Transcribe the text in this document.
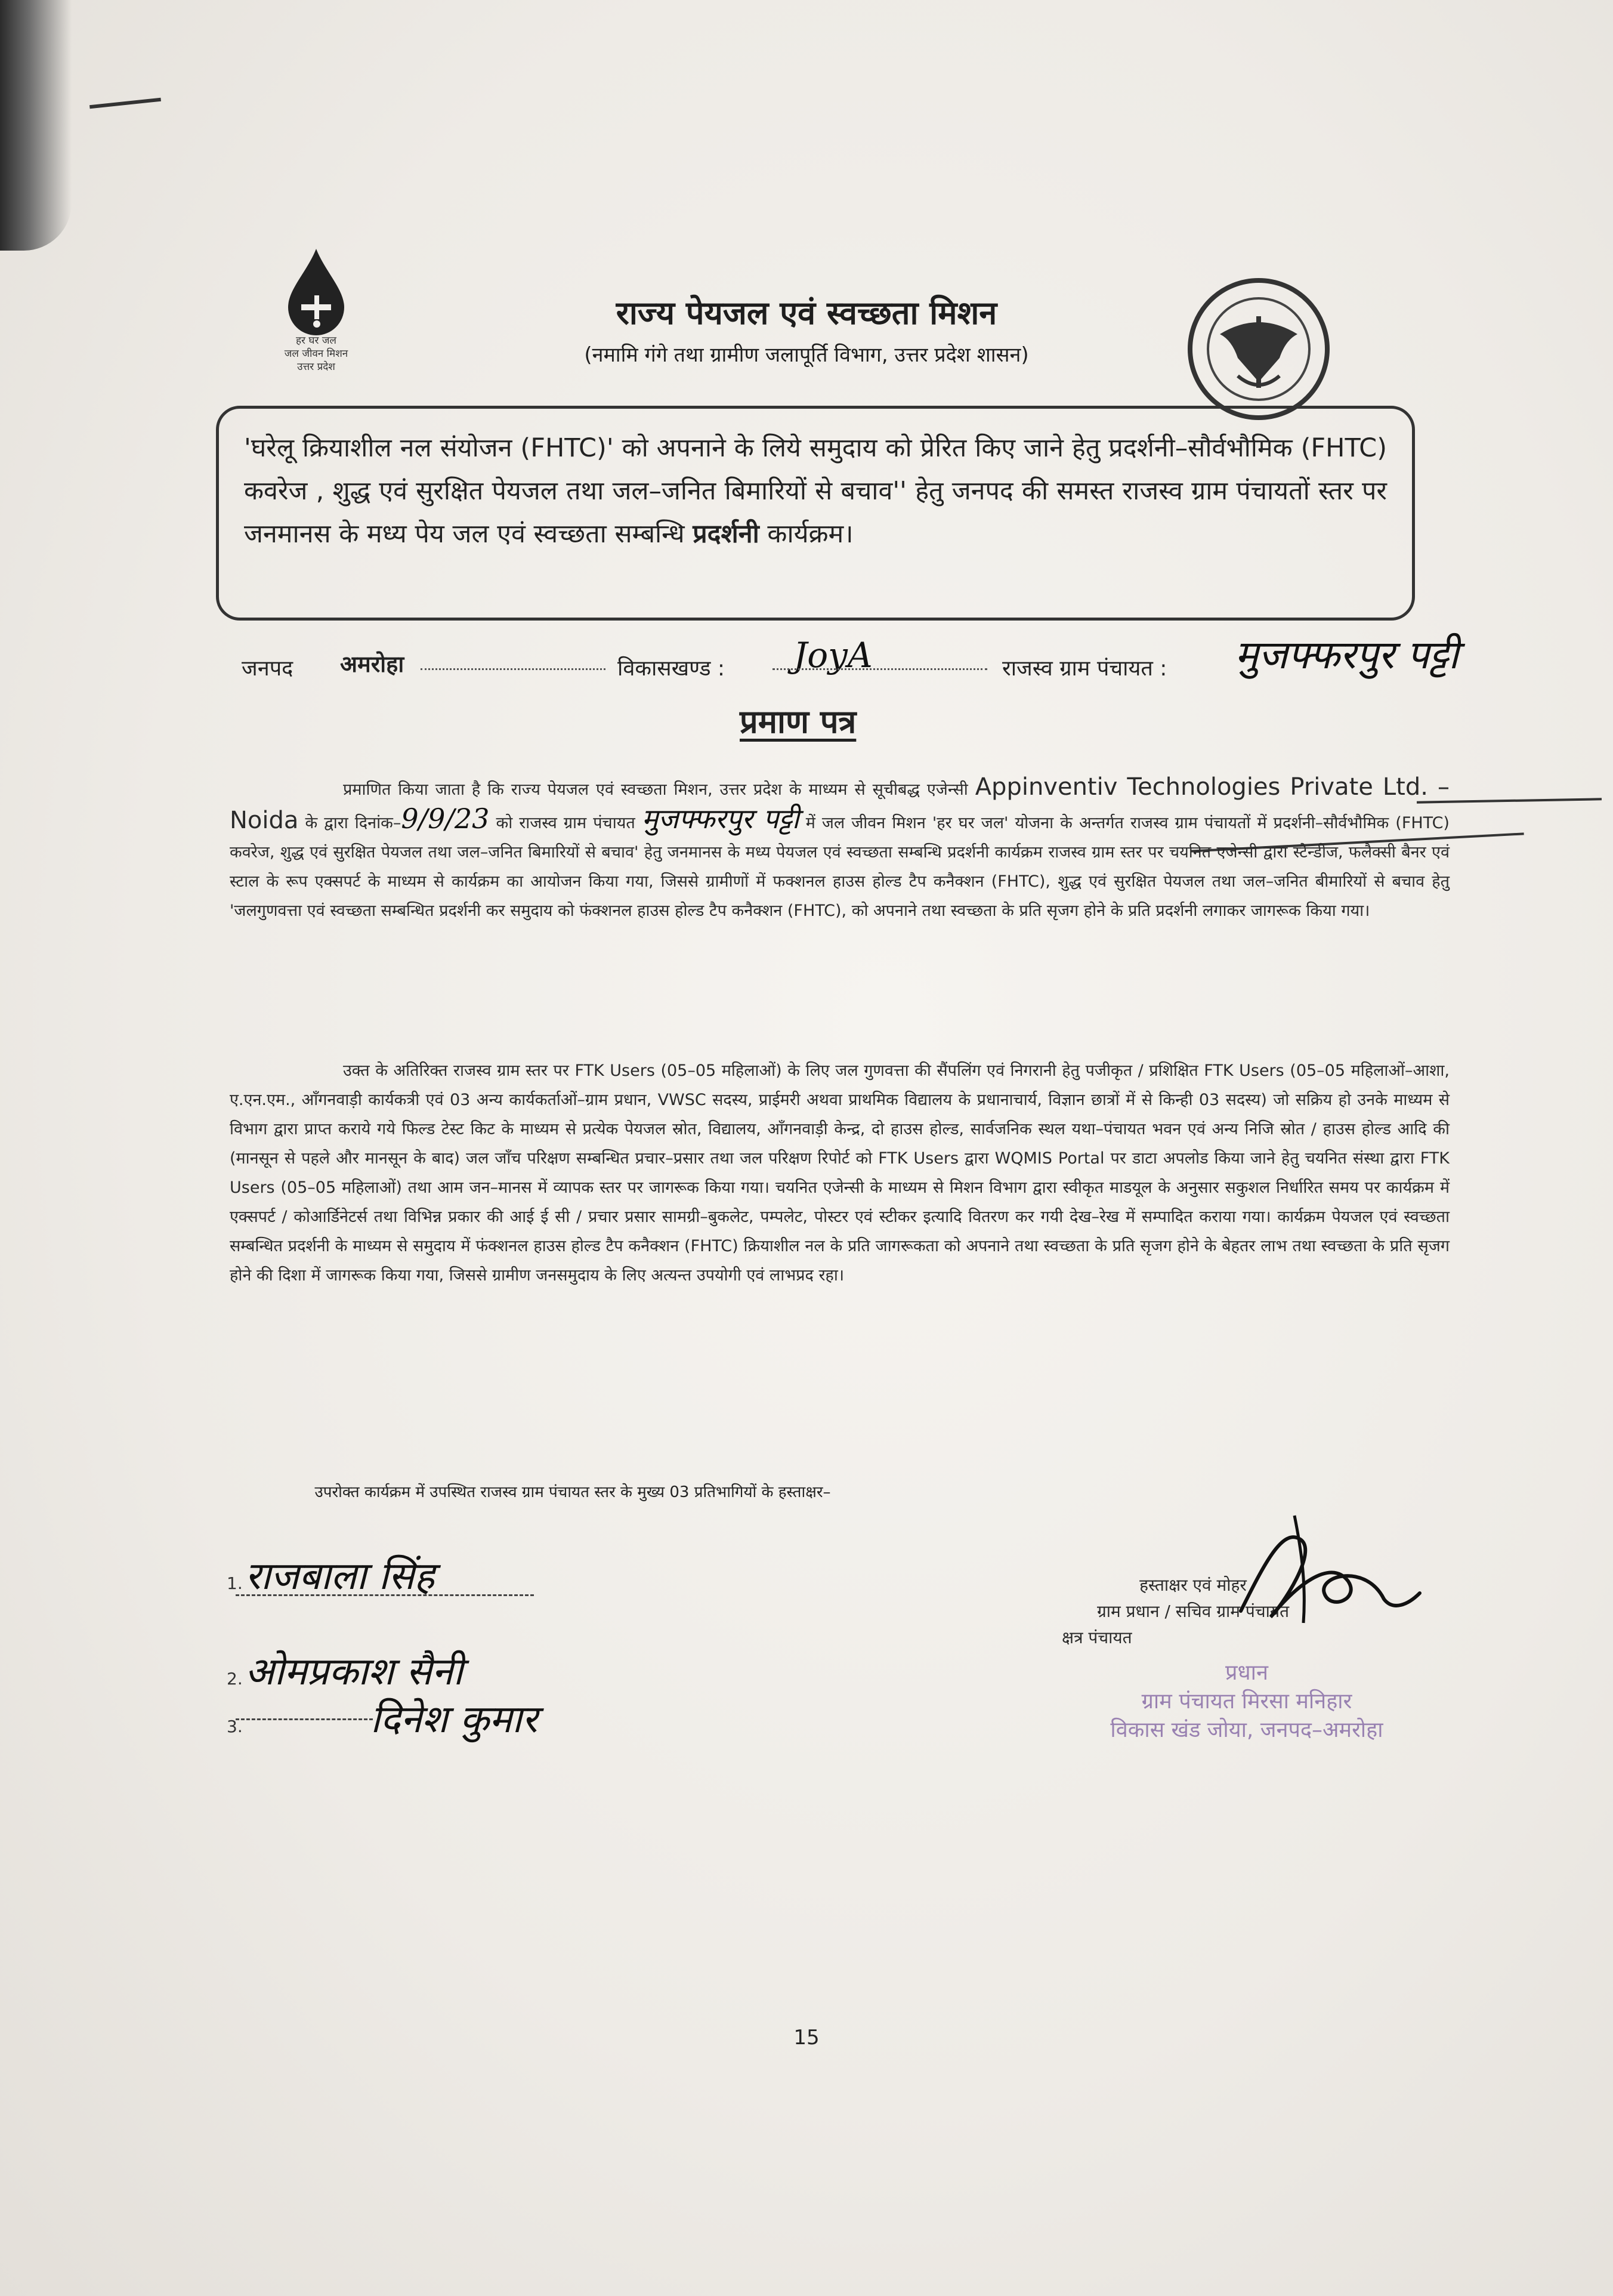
हर घर जल
जल जीवन मिशन
उत्तर प्रदेश
राज्य पेयजल एवं स्वच्छता मिशन
(नमामि गंगे तथा ग्रामीण जलापूर्ति विभाग, उत्तर प्रदेश शासन)
'घरेलू क्रियाशील नल संयोजन (FHTC)' को अपनाने के लिये समुदाय को प्रेरित किए जाने हेतु प्रदर्शनी–सौर्वभौमिक (FHTC) कवरेज , शुद्ध एवं सुरक्षित पेयजल तथा जल–जनित बिमारियों से बचाव'' हेतु जनपद की समस्त राजस्व ग्राम पंचायतों स्तर पर जनमानस के मध्य पेय जल एवं स्वच्छता सम्बन्धि प्रदर्शनी कार्यक्रम।
जनपद अमरोहा	विकासखण्ड : JoyA	राजस्व ग्राम पंचायत : मुजफ्फरपुर पट्टी
प्रमाण पत्र
प्रमाणित किया जाता है कि राज्य पेयजल एवं स्वच्छता मिशन, उत्तर प्रदेश के माध्यम से सूचीबद्ध एजेन्सी Appinventiv Technologies Private Ltd. – Noida के द्वारा दिनांक–9/9/23 को राजस्व ग्राम पंचायत मुजफ्फरपुर पट्टी में जल जीवन मिशन 'हर घर जल' योजना के अन्तर्गत राजस्व ग्राम पंचायतों में प्रदर्शनी–सौर्वभौमिक (FHTC) कवरेज, शुद्ध एवं सुरक्षित पेयजल तथा जल–जनित बिमारियों से बचाव' हेतु जनमानस के मध्य पेयजल एवं स्वच्छता सम्बन्धि प्रदर्शनी कार्यक्रम राजस्व ग्राम स्तर पर चयनित एजेन्सी द्वारा स्टैन्डीज, फलैक्सी बैनर एवं स्टाल के रूप एक्सपर्ट के माध्यम से कार्यक्रम का आयोजन किया गया, जिससे ग्रामीणों में फक्शनल हाउस होल्ड टैप कनैक्शन (FHTC), शुद्ध एवं सुरक्षित पेयजल तथा जल–जनित बीमारियों से बचाव हेतु 'जलगुणवत्ता एवं स्वच्छता सम्बन्धित प्रदर्शनी कर समुदाय को फंक्शनल हाउस होल्ड टैप कनैक्शन (FHTC), को अपनाने तथा स्वच्छता के प्रति सृजग होने के प्रति प्रदर्शनी लगाकर जागरूक किया गया।
उक्त के अतिरिक्त राजस्व ग्राम स्तर पर FTK Users (05–05 महिलाओं) के लिए जल गुणवत्ता की सैंपलिंग एवं निगरानी हेतु पजीकृत / प्रशिक्षित FTK Users (05–05 महिलाओं–आशा, ए.एन.एम., आँगनवाड़ी कार्यकत्री एवं 03 अन्य कार्यकर्ताओं–ग्राम प्रधान, VWSC सदस्य, प्राईमरी अथवा प्राथमिक विद्यालय के प्रधानाचार्य, विज्ञान छात्रों में से किन्ही 03 सदस्य) जो सक्रिय हो उनके माध्यम से विभाग द्वारा प्राप्त कराये गये फिल्ड टेस्ट किट के माध्यम से प्रत्येक पेयजल स्रोत, विद्यालय, आँगनवाड़ी केन्द्र, दो हाउस होल्ड, सार्वजनिक स्थल यथा–पंचायत भवन एवं अन्य निजि स्रोत / हाउस होल्ड आदि की (मानसून से पहले और मानसून के बाद) जल जाँच परिक्षण सम्बन्धित प्रचार–प्रसार तथा जल परिक्षण रिपोर्ट को FTK Users द्वारा WQMIS Portal पर डाटा अपलोड किया जाने हेतु चयनित संस्था द्वारा FTK Users (05–05 महिलाओं) तथा आम जन–मानस में व्यापक स्तर पर जागरूक किया गया। चयनित एजेन्सी के माध्यम से मिशन विभाग द्वारा स्वीकृत माडयूल के अनुसार सकुशल निर्धारित समय पर कार्यक्रम में एक्सपर्ट / कोआर्डिनेटर्स तथा विभिन्न प्रकार की आई ई सी / प्रचार प्रसार सामग्री–बुकलेट, पम्पलेट, पोस्टर एवं स्टीकर इत्यादि वितरण कर गयी देख–रेख में सम्पादित कराया गया। कार्यक्रम पेयजल एवं स्वच्छता सम्बन्धित प्रदर्शनी के माध्यम से समुदाय में फंक्शनल हाउस होल्ड टैप कनैक्शन (FHTC) क्रियाशील नल के प्रति जागरूकता को अपनाने तथा स्वच्छता के प्रति सृजग होने के बेहतर लाभ तथा स्वच्छता के प्रति सृजग होने की दिशा में जागरूक किया गया, जिससे ग्रामीण जनसमुदाय के लिए अत्यन्त उपयोगी एवं लाभप्रद रहा।
उपरोक्त कार्यक्रम में उपस्थित राजस्व ग्राम पंचायत स्तर के मुख्य 03 प्रतिभागियों के हस्ताक्षर–
1. राजबाला सिंह
2. ओमप्रकाश सैनी
3.	दिनेश कुमार
हस्ताक्षर एवं मोहर
ग्राम प्रधान / सचिव ग्राम पंचायत
क्षत्र पंचायत
प्रधान
ग्राम पंचायत मिरसा मनिहार
विकास खंड जोया, जनपद–अमरोहा
15
